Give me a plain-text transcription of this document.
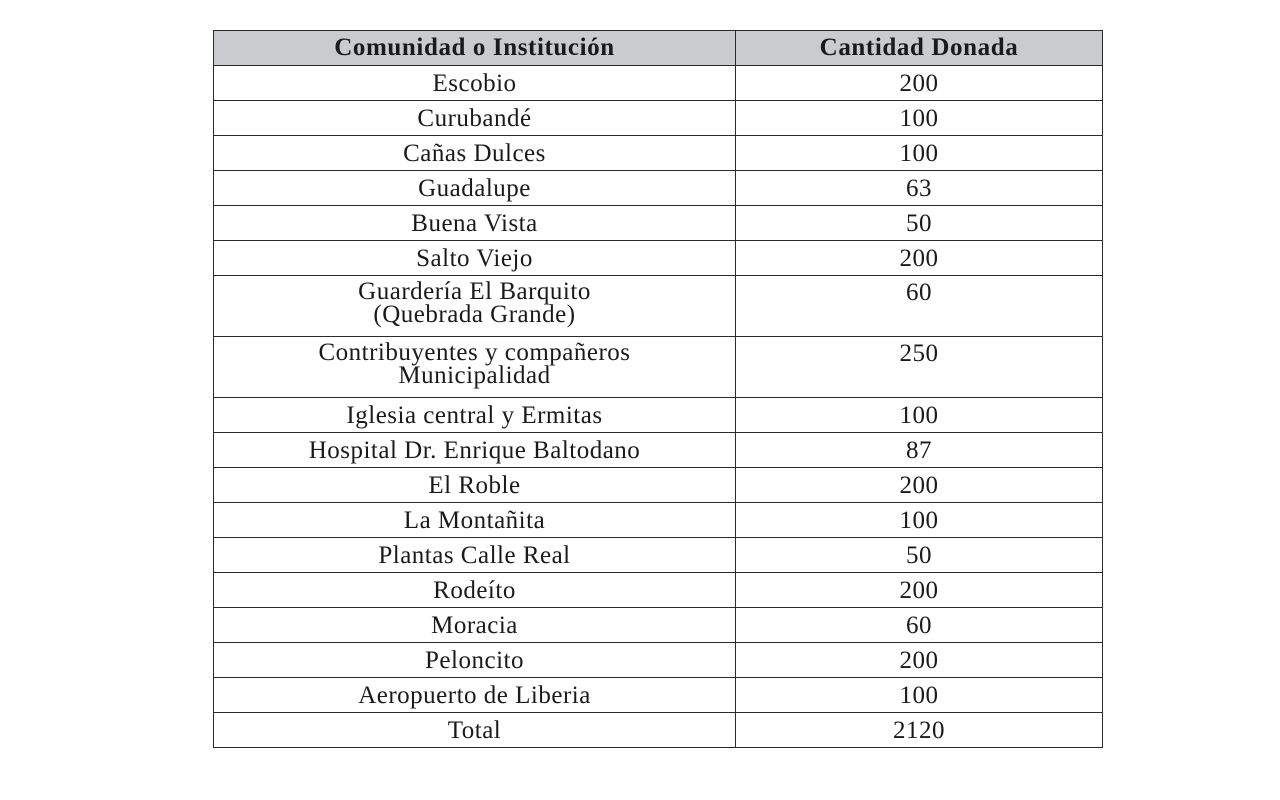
Comunidad o Institución	Cantidad Donada
Escobio	200
Curubandé	100
Cañas Dulces	100
Guadalupe	63
Buena Vista	50
Salto Viejo	200
Guardería El Barquito
(Quebrada Grande)	60
Contribuyentes y compañeros
Municipalidad	250
Iglesia central y Ermitas	100
Hospital Dr. Enrique Baltodano	87
El Roble	200
La Montañita	100
Plantas Calle Real	50
Rodeíto	200
Moracia	60
Peloncito	200
Aeropuerto de Liberia	100
Total	2120
